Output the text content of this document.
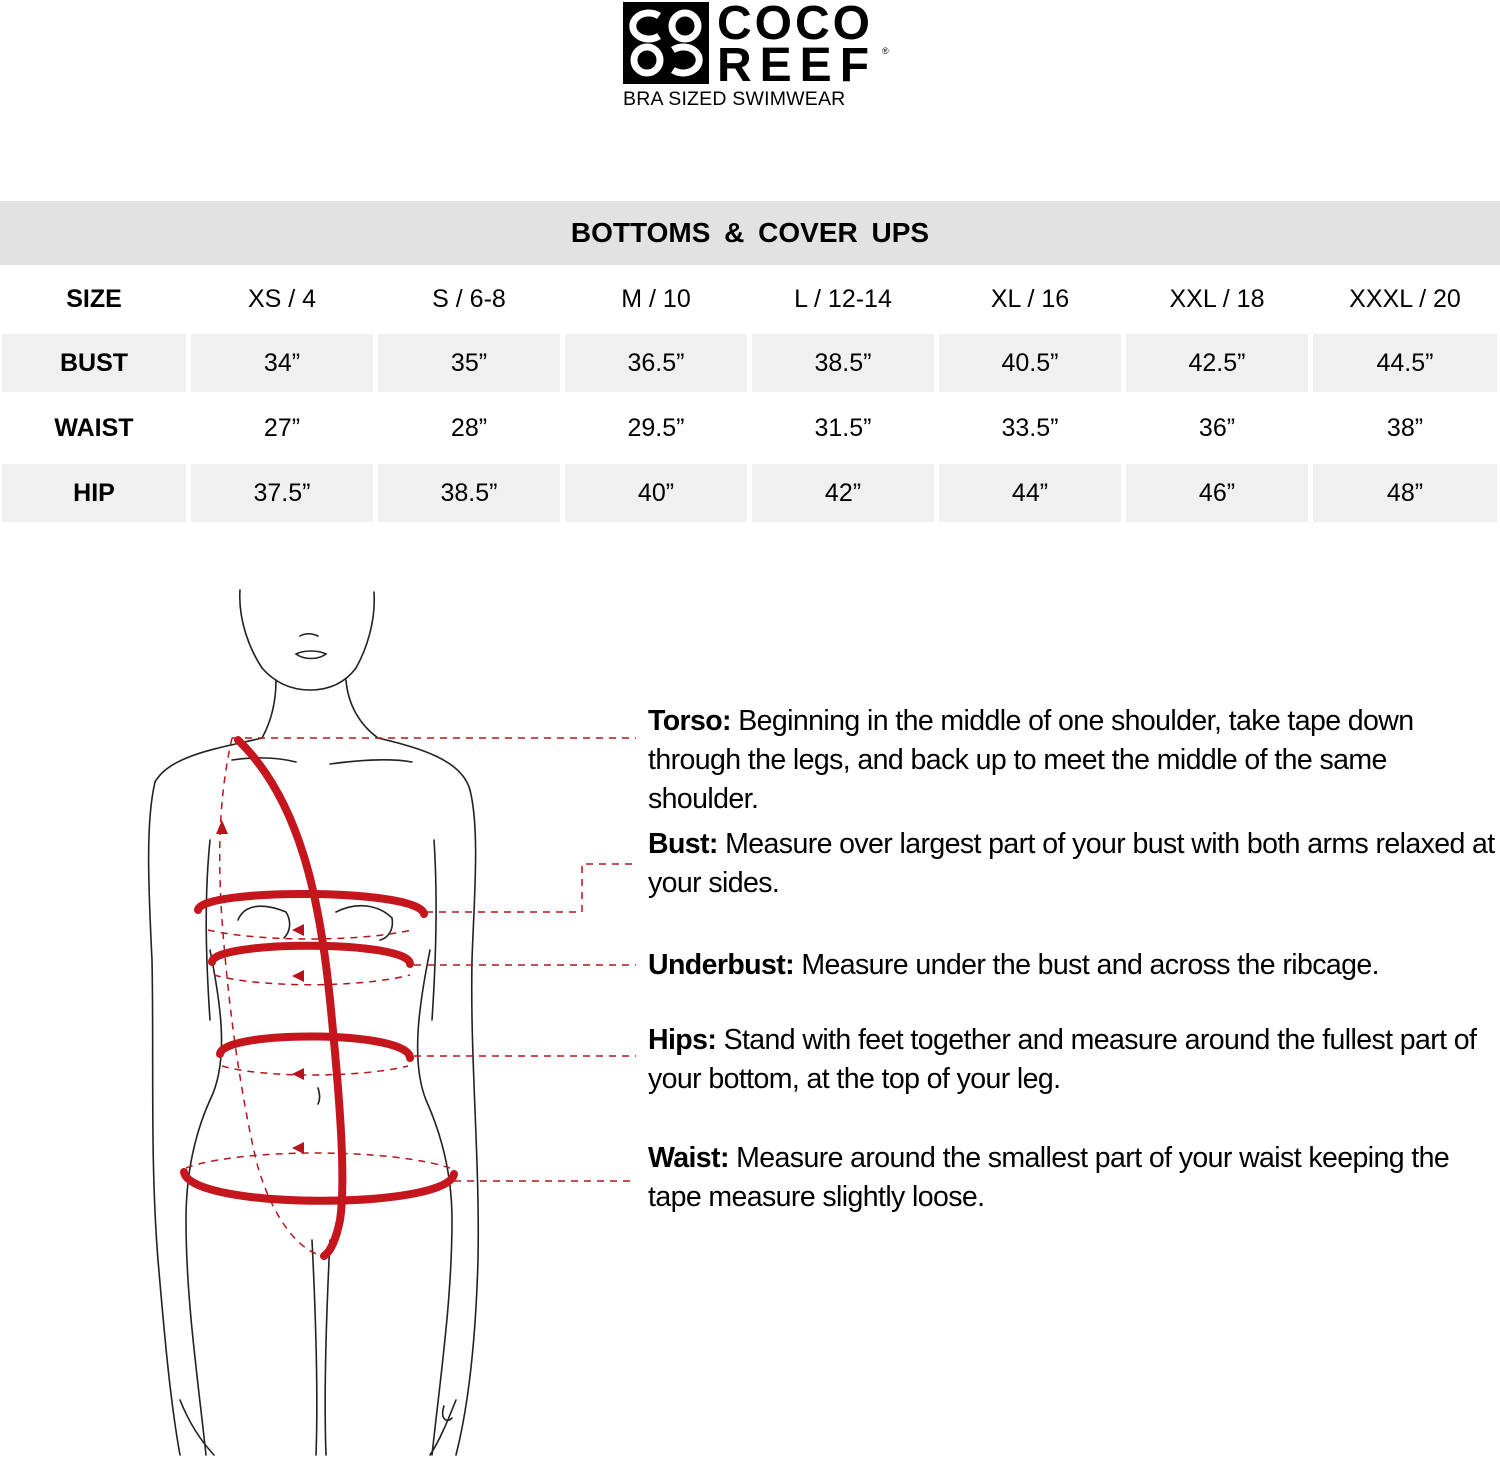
COCO
REEF ®
BRA SIZED SWIMWEAR
BOTTOMS & COVER UPS
SIZE	XS / 4	S / 6-8	M / 10	L / 12-14	XL / 16	XXL / 18	XXXL / 20
BUST	34”	35”	36.5”	38.5”	40.5”	42.5”	44.5”
WAIST	27”	28”	29.5”	31.5”	33.5”	36”	38”
HIP	37.5”	38.5”	40”	42”	44”	46”	48”
Torso: Beginning in the middle of one shoulder, take tape down through the legs, and back up to meet the middle of the same shoulder.
Bust: Measure over largest part of your bust with both arms relaxed at your sides.
Underbust: Measure under the bust and across the ribcage.
Hips: Stand with feet together and measure around the fullest part of your bottom, at the top of your leg.
Waist: Measure around the smallest part of your waist keeping the tape measure slightly loose.
